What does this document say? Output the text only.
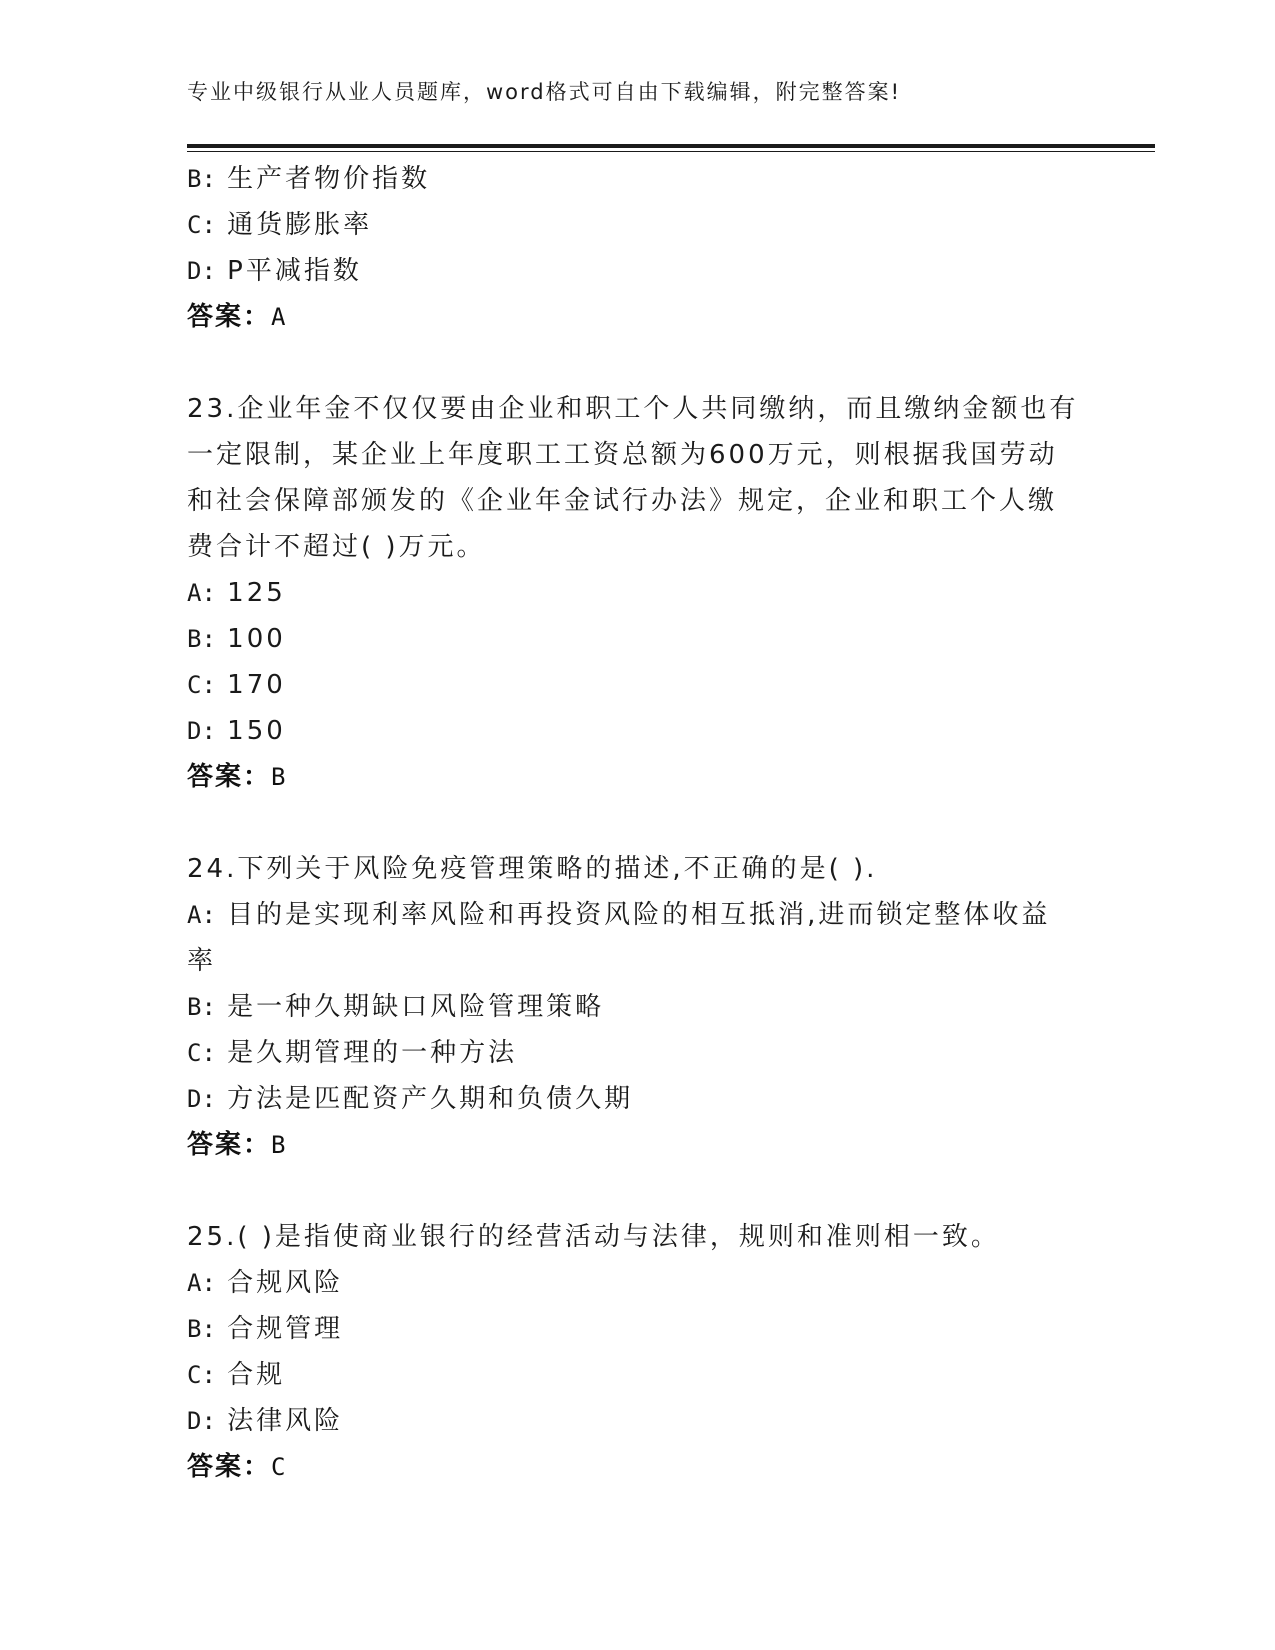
专业中级银行从业人员题库，word格式可自由下载编辑，附完整答案!
B: 生产者物价指数
C: 通货膨胀率
D: P平减指数
答案：A
23.企业年金不仅仅要由企业和职工个人共同缴纳，而且缴纳金额也有
一定限制，某企业上年度职工工资总额为600万元，则根据我国劳动
和社会保障部颁发的《企业年金试行办法》规定，企业和职工个人缴
费合计不超过( )万元。
A: 125
B: 100
C: 170
D: 150
答案：B
24.下列关于风险免疫管理策略的描述,不正确的是( ).
A: 目的是实现利率风险和再投资风险的相互抵消,进而锁定整体收益
率
B: 是一种久期缺口风险管理策略
C: 是久期管理的一种方法
D: 方法是匹配资产久期和负债久期
答案：B
25.( )是指使商业银行的经营活动与法律，规则和准则相一致。
A: 合规风险
B: 合规管理
C: 合规
D: 法律风险
答案：C
